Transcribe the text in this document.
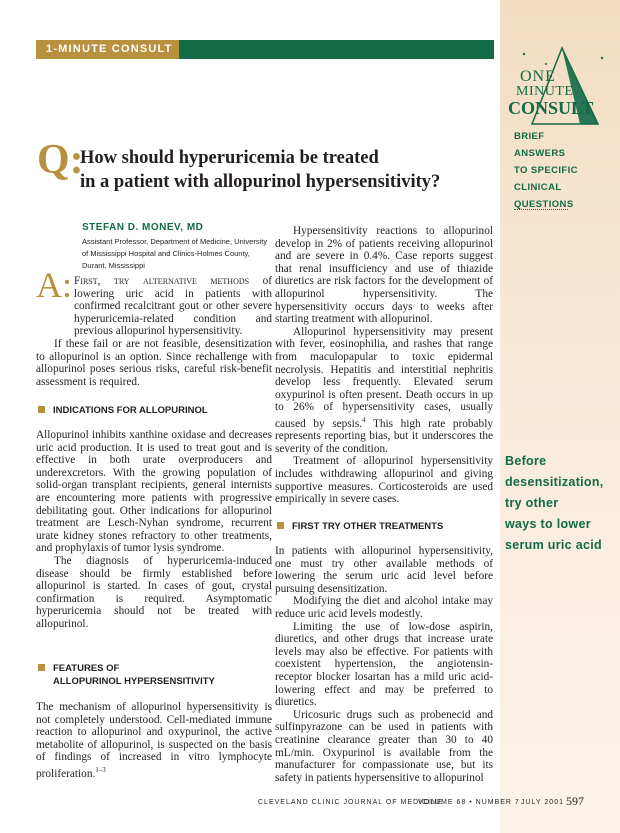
1-MINUTE CONSULT
ONE
MINUTE
CONSULT
BRIEF
ANSWERS
TO SPECIFIC
CLINICAL
QUESTIONS
Before
desensitization,
try other
ways to lower
serum uric acid
Q:
How should hyperuricemia be treated
in a patient with allopurinol hypersensitivity?
STEFAN D. MONEV, MD
Assistant Professor, Department of Medicine, University of Mississippi Hospital and Clinics-Holmes County, Durant, Mississippi
A: First, try alternative methods of lowering uric acid in patients with confirmed recalcitrant gout or other severe hyperuricemia-related condition and previous allopurinol hypersensitivity.

If these fail or are not feasible, desensitization to allopurinol is an option. Since rechallenge with allopurinol poses serious risks, careful risk-benefit assessment is required.

INDICATIONS FOR ALLOPURINOL

Allopurinol inhibits xanthine oxidase and decreases uric acid production. It is used to treat gout and is effective in both urate overproducers and underexcretors. With the growing population of solid-organ transplant recipients, general internists are encountering more patients with progressive debilitating gout. Other indications for allopurinol treatment are Lesch-Nyhan syndrome, recurrent urate kidney stones refractory to other treatments, and prophylaxis of tumor lysis syndrome.

The diagnosis of hyperuricemia-induced disease should be firmly established before allopurinol is started. In cases of gout, crystal confirmation is required. Asymptomatic hyperuricemia should not be treated with allopurinol.

FEATURES OF
ALLOPURINOL HYPERSENSITIVITY

The mechanism of allopurinol hypersensitivity is not completely understood. Cell-mediated immune reaction to allopurinol and oxypurinol, the active metabolite of allopurinol, is suspected on the basis of findings of increased in vitro lymphocyte proliferation.$^{1-3}$

Hypersensitivity reactions to allopurinol develop in 2% of patients receiving allopurinol and are severe in 0.4%. Case reports suggest that renal insufficiency and use of thiazide diuretics are risk factors for the development of allopurinol hypersensitivity. The hypersensitivity occurs days to weeks after starting treatment with allopurinol.

Allopurinol hypersensitivity may present with fever, eosinophilia, and rashes that range from maculopapular to toxic epidermal necrolysis. Hepatitis and interstitial nephritis develop less frequently. Elevated serum oxypurinol is often present. Death occurs in up to 26% of hypersensitivity cases, usually caused by sepsis.$^4$ This high rate probably represents reporting bias, but it underscores the severity of the condition.

Treatment of allopurinol hypersensitivity includes withdrawing allopurinol and giving supportive measures. Corticosteroids are used empirically in severe cases.

FIRST TRY OTHER TREATMENTS

In patients with allopurinol hypersensitivity, one must try other available methods of lowering the serum uric acid level before pursuing desensitization.

Modifying the diet and alcohol intake may reduce uric acid levels modestly.

Limiting the use of low-dose aspirin, diuretics, and other drugs that increase urate levels may also be effective. For patients with coexistent hypertension, the angiotensin-receptor blocker losartan has a mild uric acid-lowering effect and may be preferred to diuretics.

Uricosuric drugs such as probenecid and sulfinpyrazone can be used in patients with creatinine clearance greater than 30 to 40 mL/min. Oxypurinol is available from the manufacturer for compassionate use, but its safety in patients hypersensitive to allopurinol

CLEVELAND CLINIC JOURNAL OF MEDICINE
VOLUME 68 • NUMBER 7 JULY 2001 597
